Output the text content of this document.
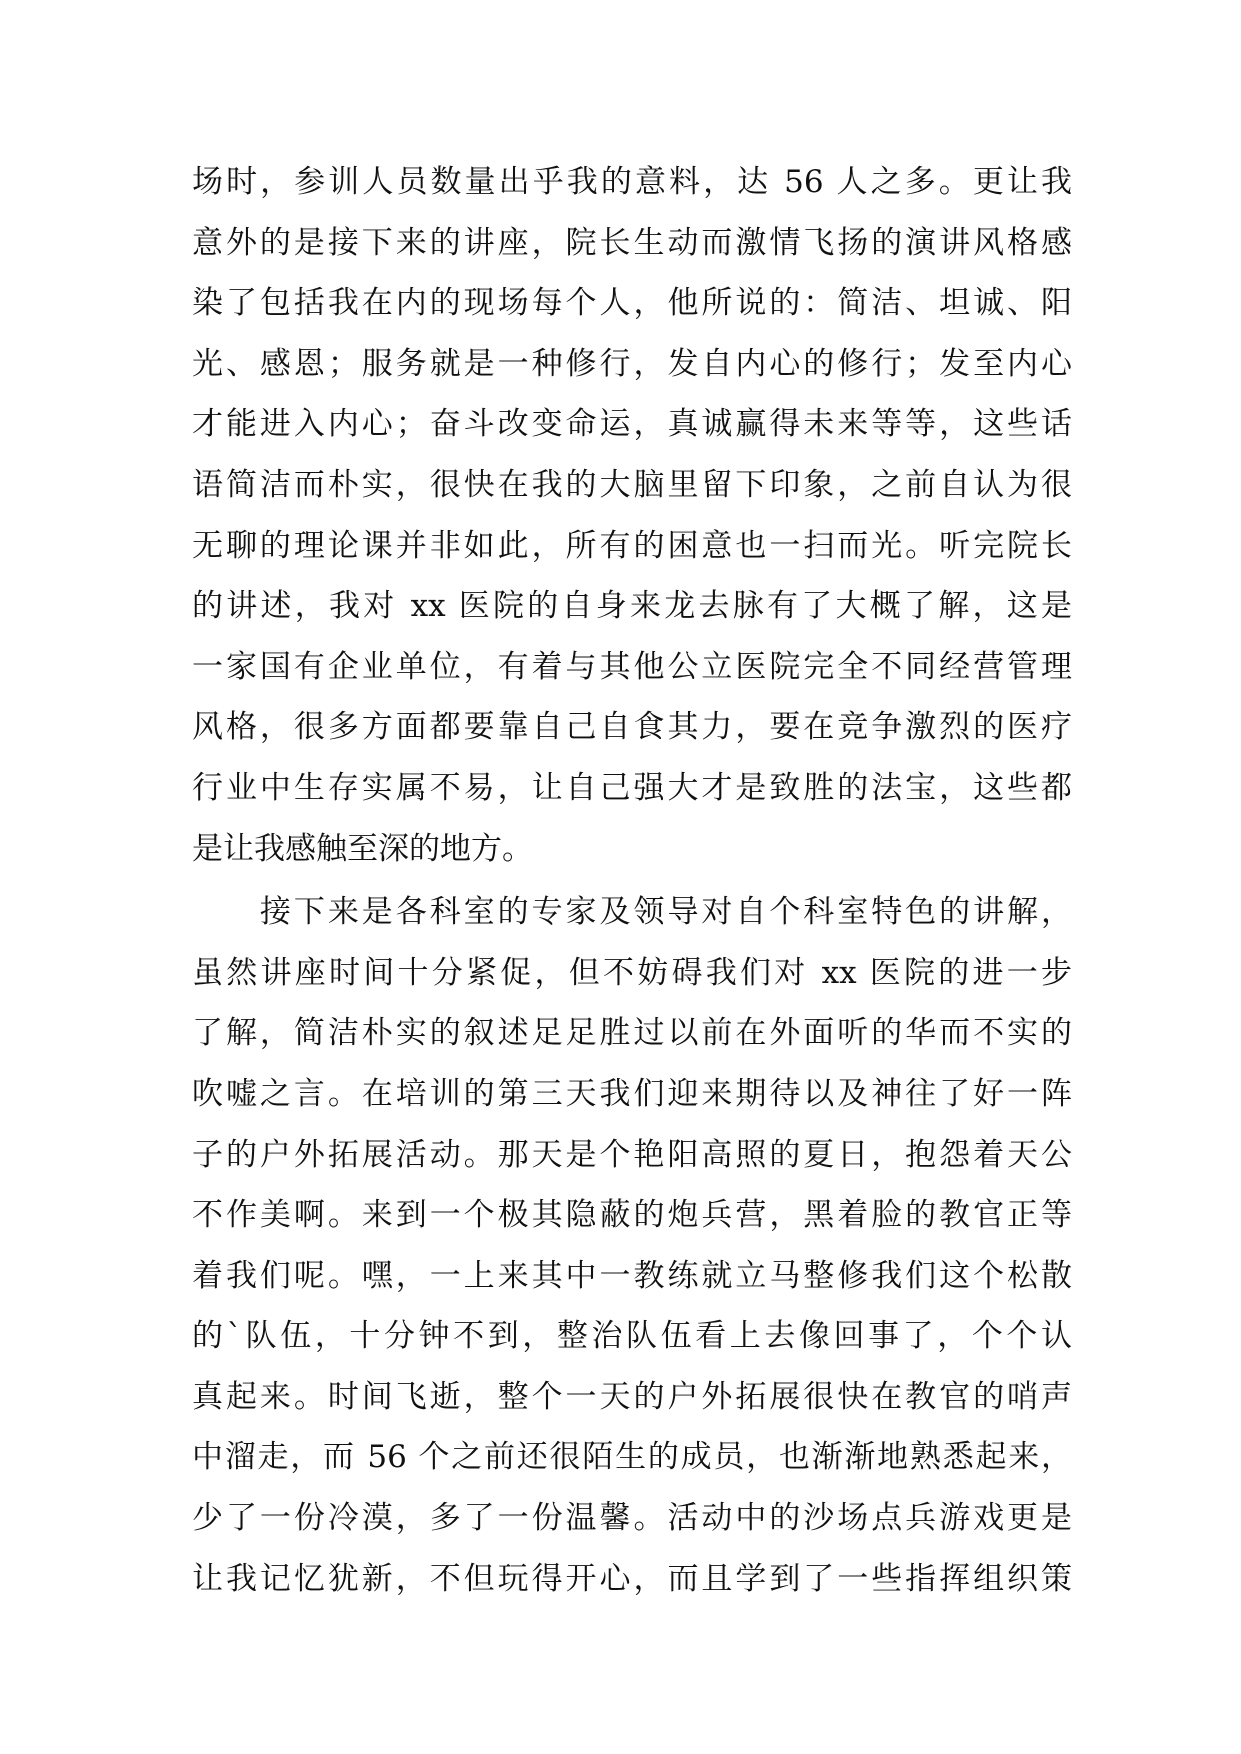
场时，参训人员数量出乎我的意料，达 56 人之多。更让我
意外的是接下来的讲座，院长生动而激情飞扬的演讲风格感
染了包括我在内的现场每个人，他所说的：简洁、坦诚、阳
光、感恩；服务就是一种修行，发自内心的修行；发至内心
才能进入内心；奋斗改变命运，真诚赢得未来等等，这些话
语简洁而朴实，很快在我的大脑里留下印象，之前自认为很
无聊的理论课并非如此，所有的困意也一扫而光。听完院长
的讲述，我对 xx 医院的自身来龙去脉有了大概了解，这是
一家国有企业单位，有着与其他公立医院完全不同经营管理
风格，很多方面都要靠自己自食其力，要在竞争激烈的医疗
行业中生存实属不易，让自己强大才是致胜的法宝，这些都
是让我感触至深的地方。
　　接下来是各科室的专家及领导对自个科室特色的讲解，
虽然讲座时间十分紧促，但不妨碍我们对 xx 医院的进一步
了解，简洁朴实的叙述足足胜过以前在外面听的华而不实的
吹嘘之言。在培训的第三天我们迎来期待以及神往了好一阵
子的户外拓展活动。那天是个艳阳高照的夏日，抱怨着天公
不作美啊。来到一个极其隐蔽的炮兵营，黑着脸的教官正等
着我们呢。嘿，一上来其中一教练就立马整修我们这个松散
的`队伍，十分钟不到，整治队伍看上去像回事了，个个认
真起来。时间飞逝，整个一天的户外拓展很快在教官的哨声
中溜走，而 56 个之前还很陌生的成员，也渐渐地熟悉起来，
少了一份冷漠，多了一份温馨。活动中的沙场点兵游戏更是
让我记忆犹新，不但玩得开心，而且学到了一些指挥组织策
